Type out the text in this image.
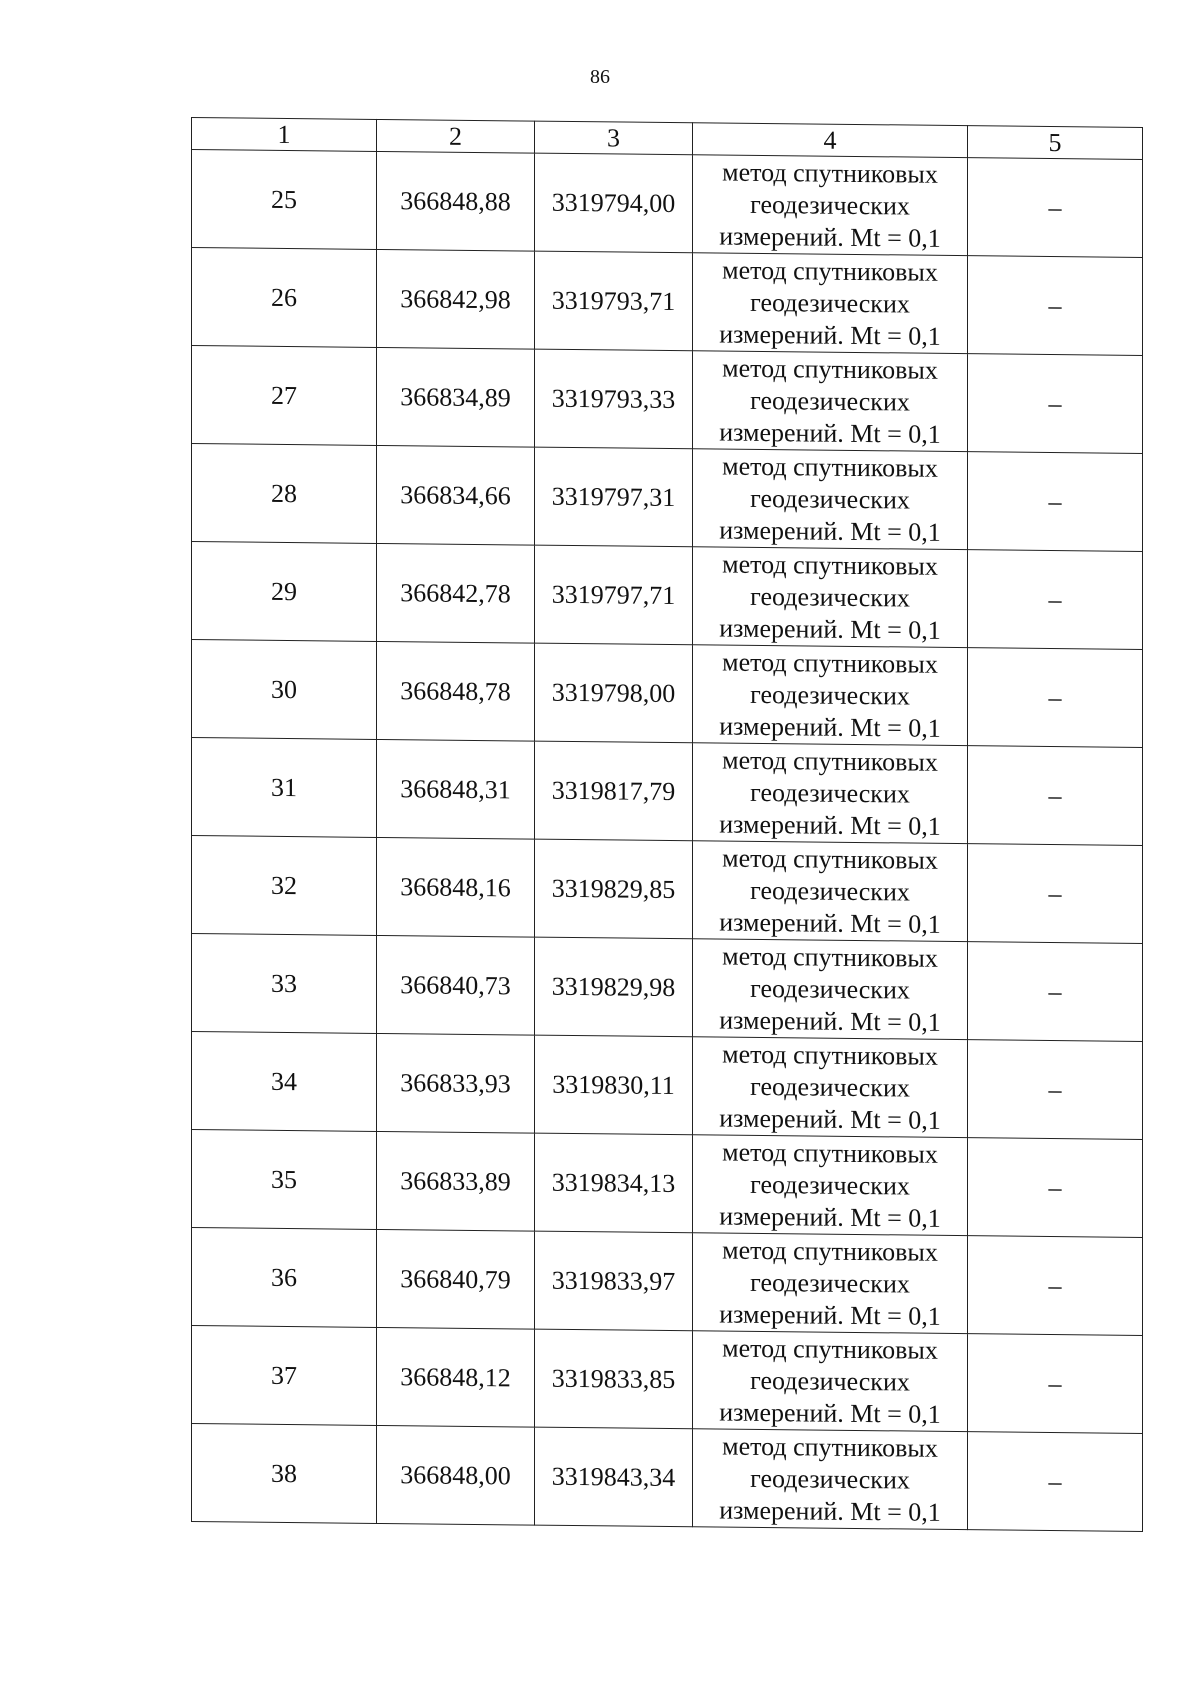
86
1	2	3	4	5
25	366848,88	3319794,00	метод спутниковых
геодезических
измерений. Mt = 0,1	–
26	366842,98	3319793,71	метод спутниковых
геодезических
измерений. Mt = 0,1	–
27	366834,89	3319793,33	метод спутниковых
геодезических
измерений. Mt = 0,1	–
28	366834,66	3319797,31	метод спутниковых
геодезических
измерений. Mt = 0,1	–
29	366842,78	3319797,71	метод спутниковых
геодезических
измерений. Mt = 0,1	–
30	366848,78	3319798,00	метод спутниковых
геодезических
измерений. Mt = 0,1	–
31	366848,31	3319817,79	метод спутниковых
геодезических
измерений. Mt = 0,1	–
32	366848,16	3319829,85	метод спутниковых
геодезических
измерений. Mt = 0,1	–
33	366840,73	3319829,98	метод спутниковых
геодезических
измерений. Mt = 0,1	–
34	366833,93	3319830,11	метод спутниковых
геодезических
измерений. Mt = 0,1	–
35	366833,89	3319834,13	метод спутниковых
геодезических
измерений. Mt = 0,1	–
36	366840,79	3319833,97	метод спутниковых
геодезических
измерений. Mt = 0,1	–
37	366848,12	3319833,85	метод спутниковых
геодезических
измерений. Mt = 0,1	–
38	366848,00	3319843,34	метод спутниковых
геодезических
измерений. Mt = 0,1	–
